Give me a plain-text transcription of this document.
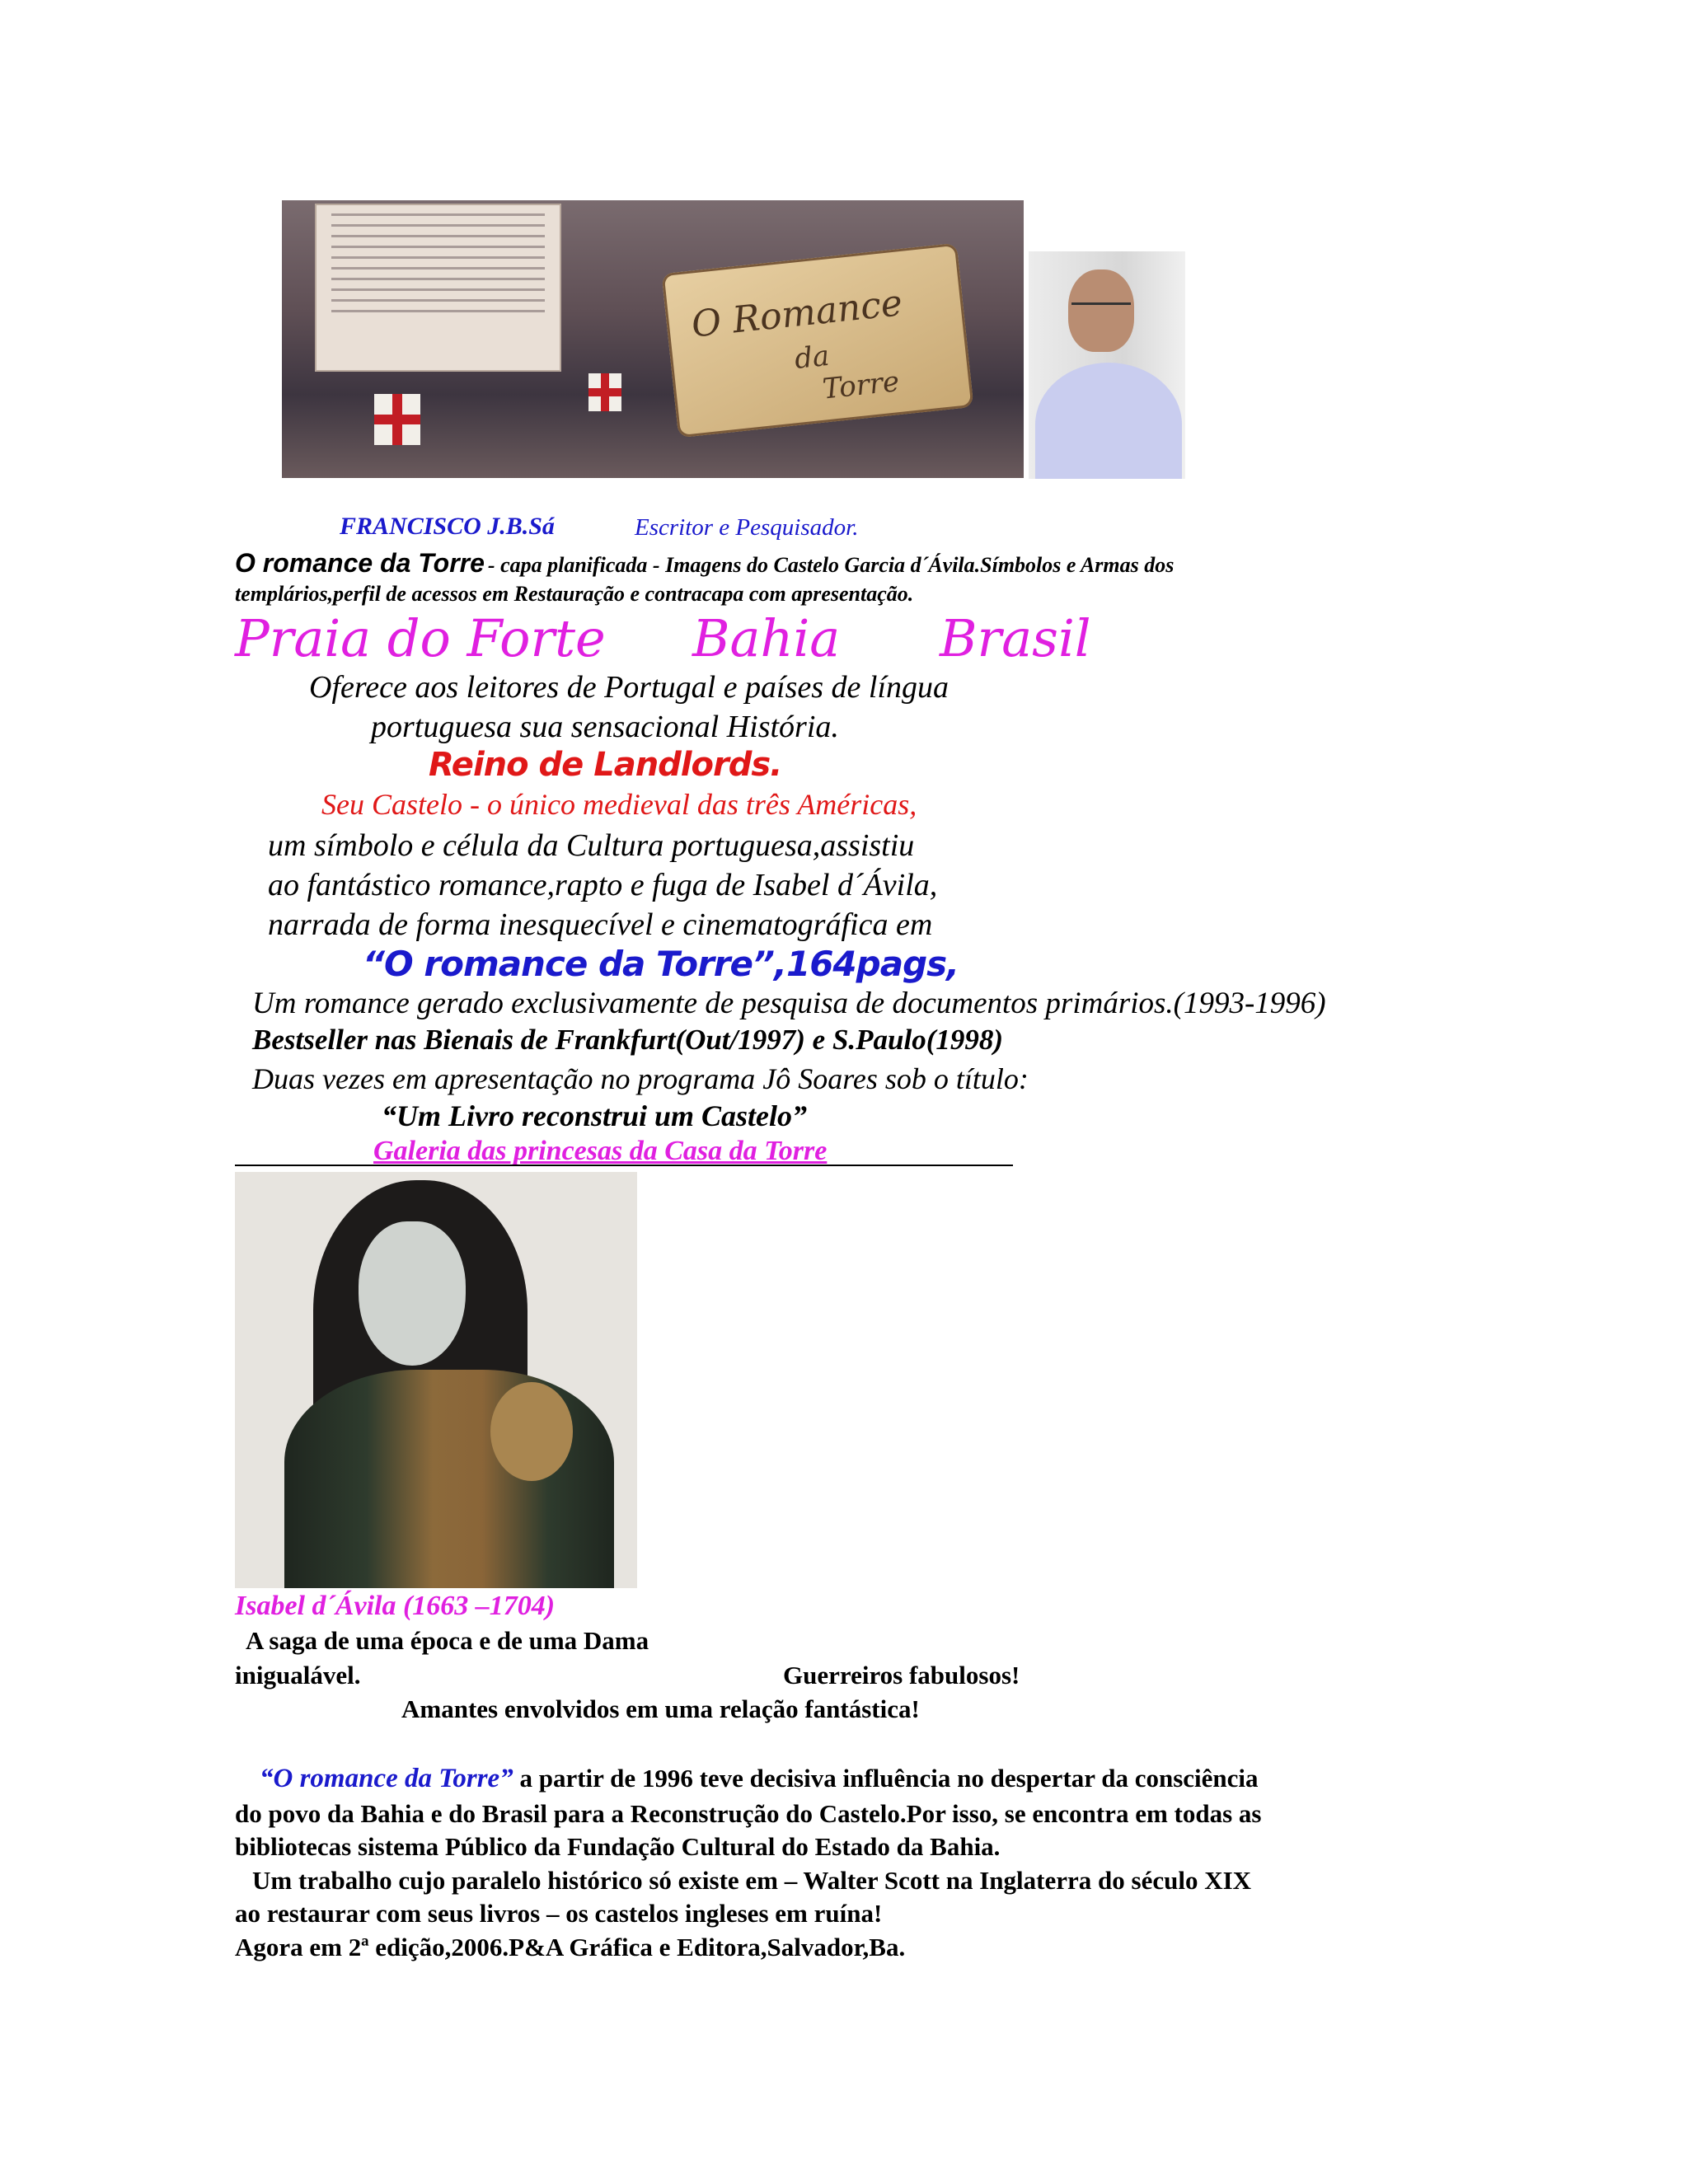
O Romance
da
Torre
FRANCISCO J.B.Sá	Escritor e Pesquisador.
O romance da Torre - capa planificada - Imagens do Castelo Garcia d´Ávila.Símbolos e Armas dos
templários,perfil de acessos em Restauração e contracapa com apresentação.
Praia do Forte Bahia Brasil
Oferece aos leitores de Portugal e países de língua
portuguesa sua sensacional História.
Reino de Landlords.
Seu Castelo - o único medieval das três Américas,
um símbolo e célula da Cultura portuguesa,assistiu
ao fantástico romance,rapto e fuga de Isabel d´Ávila,
narrada de forma inesquecível e cinematográfica em
“O romance da Torre”,164pags,
Um romance gerado exclusivamente de pesquisa de documentos primários.(1993-1996)
Bestseller nas Bienais de Frankfurt(Out/1997) e S.Paulo(1998)
Duas vezes em apresentação no programa Jô Soares sob o título:
“Um Livro reconstrui um Castelo”
Galeria das princesas da Casa da Torre
Isabel d´Ávila (1663 –1704)
A saga de uma época e de uma Dama
inigualável.	Guerreiros fabulosos!
Amantes envolvidos em uma relação fantástica!
“O romance da Torre” a partir de 1996 teve decisiva influência no despertar da consciência
do povo da Bahia e do Brasil para a Reconstrução do Castelo.Por isso, se encontra em todas as
bibliotecas sistema Público da Fundação Cultural do Estado da Bahia.
Um trabalho cujo paralelo histórico só existe em – Walter Scott na Inglaterra do século XIX
ao restaurar com seus livros – os castelos ingleses em ruína!
Agora em 2ª edição,2006.P&A Gráfica e Editora,Salvador,Ba.
